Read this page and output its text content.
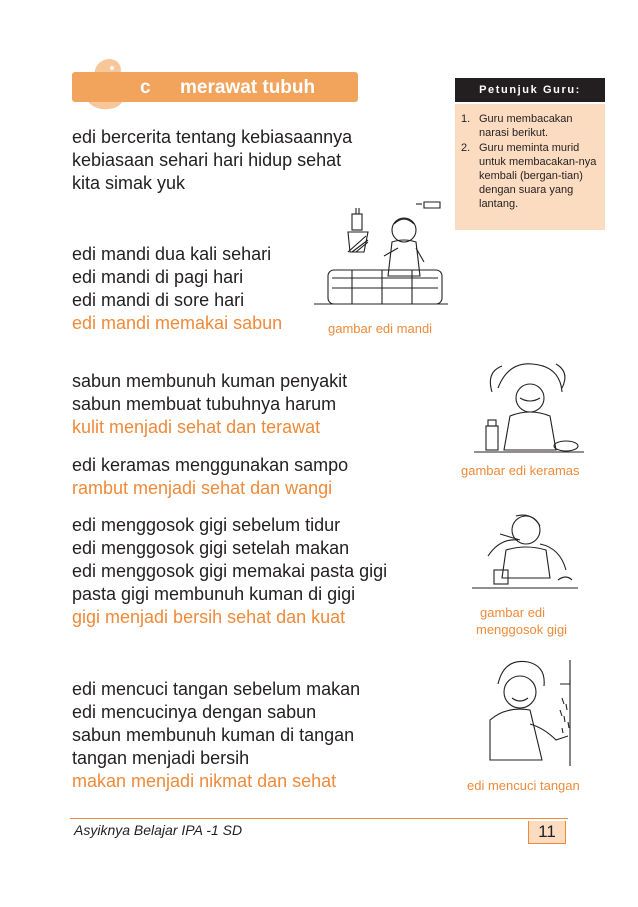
c merawat tubuh	Petunjuk Guru:
1. Guru membacakan narasi berikut.
2. Guru meminta murid untuk membacakan-nya kembali (bergan-tian) dengan suara yang lantang.
edi bercerita tentang kebiasaannya
kebiasaan sehari hari hidup sehat
kita simak yuk
edi mandi dua kali sehari
edi mandi di pagi hari
edi mandi di sore hari
edi mandi memakai sabun
sabun membunuh kuman penyakit
sabun membuat tubuhnya harum
kulit menjadi sehat dan terawat
edi keramas menggunakan sampo
rambut menjadi sehat dan wangi
edi menggosok gigi sebelum tidur
edi menggosok gigi setelah makan
edi menggosok gigi memakai pasta gigi
pasta gigi membunuh kuman di gigi
gigi menjadi bersih sehat dan kuat
edi mencuci tangan sebelum makan
edi mencucinya dengan sabun
sabun membunuh kuman di tangan
tangan menjadi bersih
makan menjadi nikmat dan sehat
gambar edi mandi
gambar edi keramas
gambar edi
menggosok gigi
edi mencuci tangan
Asyiknya Belajar IPA -1 SD	11
